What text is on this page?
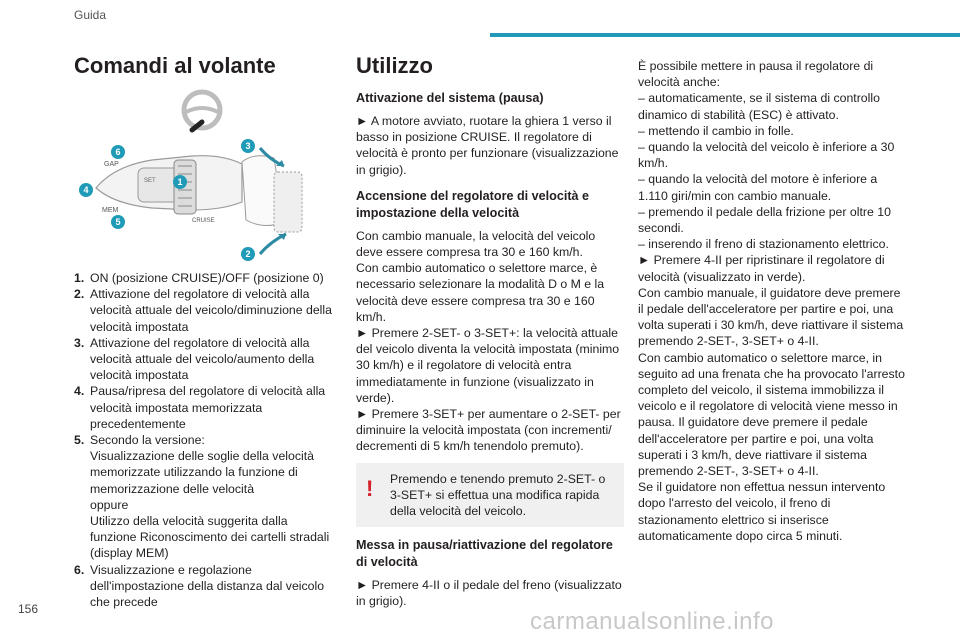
Guida
Comandi al volante
GAP
MEM
SET
CRUISE
6
4
5
1
3
2
1. ON (posizione CRUISE)/OFF (posizione 0)
2. Attivazione del regolatore di velocità alla velocità attuale del veicolo/diminuzione della velocità impostata
3. Attivazione del regolatore di velocità alla velocità attuale del veicolo/aumento della velocità impostata
4. Pausa/ripresa del regolatore di velocità alla velocità impostata memorizzata precedentemente
5. Secondo la versione:
Visualizzazione delle soglie della velocità memorizzate utilizzando la funzione di memorizzazione delle velocità
oppure
Utilizzo della velocità suggerita dalla funzione Riconoscimento dei cartelli stradali (display MEM)
6. Visualizzazione e regolazione dell'impostazione della distanza dal veicolo che precede
Utilizzo
Attivazione del sistema (pausa)

► A motore avviato, ruotare la ghiera 1 verso il basso in posizione CRUISE. Il regolatore di velocità è pronto per funzionare (visualizzazione in grigio).

Accensione del regolatore di velocità e impostazione della velocità

Con cambio manuale, la velocità del veicolo deve essere compresa tra 30 e 160 km/h.

Con cambio automatico o selettore marce, è necessario selezionare la modalità D o M e la velocità deve essere compresa tra 30 e 160 km/h.

► Premere 2-SET- o 3-SET+: la velocità attuale del veicolo diventa la velocità impostata (minimo 30 km/h) e il regolatore di velocità entra immediatamente in funzione (visualizzato in verde).

► Premere 3-SET+ per aumentare o 2-SET- per diminuire la velocità impostata (con incrementi/ decrementi di 5 km/h tenendolo premuto).

!	Premendo e tenendo premuto 2-SET- o 3-SET+ si effettua una modifica rapida della velocità del veicolo.
Messa in pausa/riattivazione del regolatore di velocità

► Premere 4-II o il pedale del freno (visualizzato in grigio).

È possibile mettere in pausa il regolatore di velocità anche:

– automaticamente, se il sistema di controllo dinamico di stabilità (ESC) è attivato.

– mettendo il cambio in folle.

– quando la velocità del veicolo è inferiore a 30 km/h.

– quando la velocità del motore è inferiore a 1.110 giri/min con cambio manuale.

– premendo il pedale della frizione per oltre 10 secondi.

– inserendo il freno di stazionamento elettrico.

► Premere 4-II per ripristinare il regolatore di velocità (visualizzato in verde).

Con cambio manuale, il guidatore deve premere il pedale dell'acceleratore per partire e poi, una volta superati i 30 km/h, deve riattivare il sistema premendo 2-SET-, 3-SET+ o 4-II.

Con cambio automatico o selettore marce, in seguito ad una frenata che ha provocato l'arresto completo del veicolo, il sistema immobilizza il veicolo e il regolatore di velocità viene messo in pausa. Il guidatore deve premere il pedale dell'acceleratore per partire e poi, una volta superati i 3 km/h, deve riattivare il sistema premendo 2-SET-, 3-SET+ o 4-II.

Se il guidatore non effettua nessun intervento dopo l'arresto del veicolo, il freno di stazionamento elettrico si inserisce automaticamente dopo circa 5 minuti.

156	carmanualsonline.info
